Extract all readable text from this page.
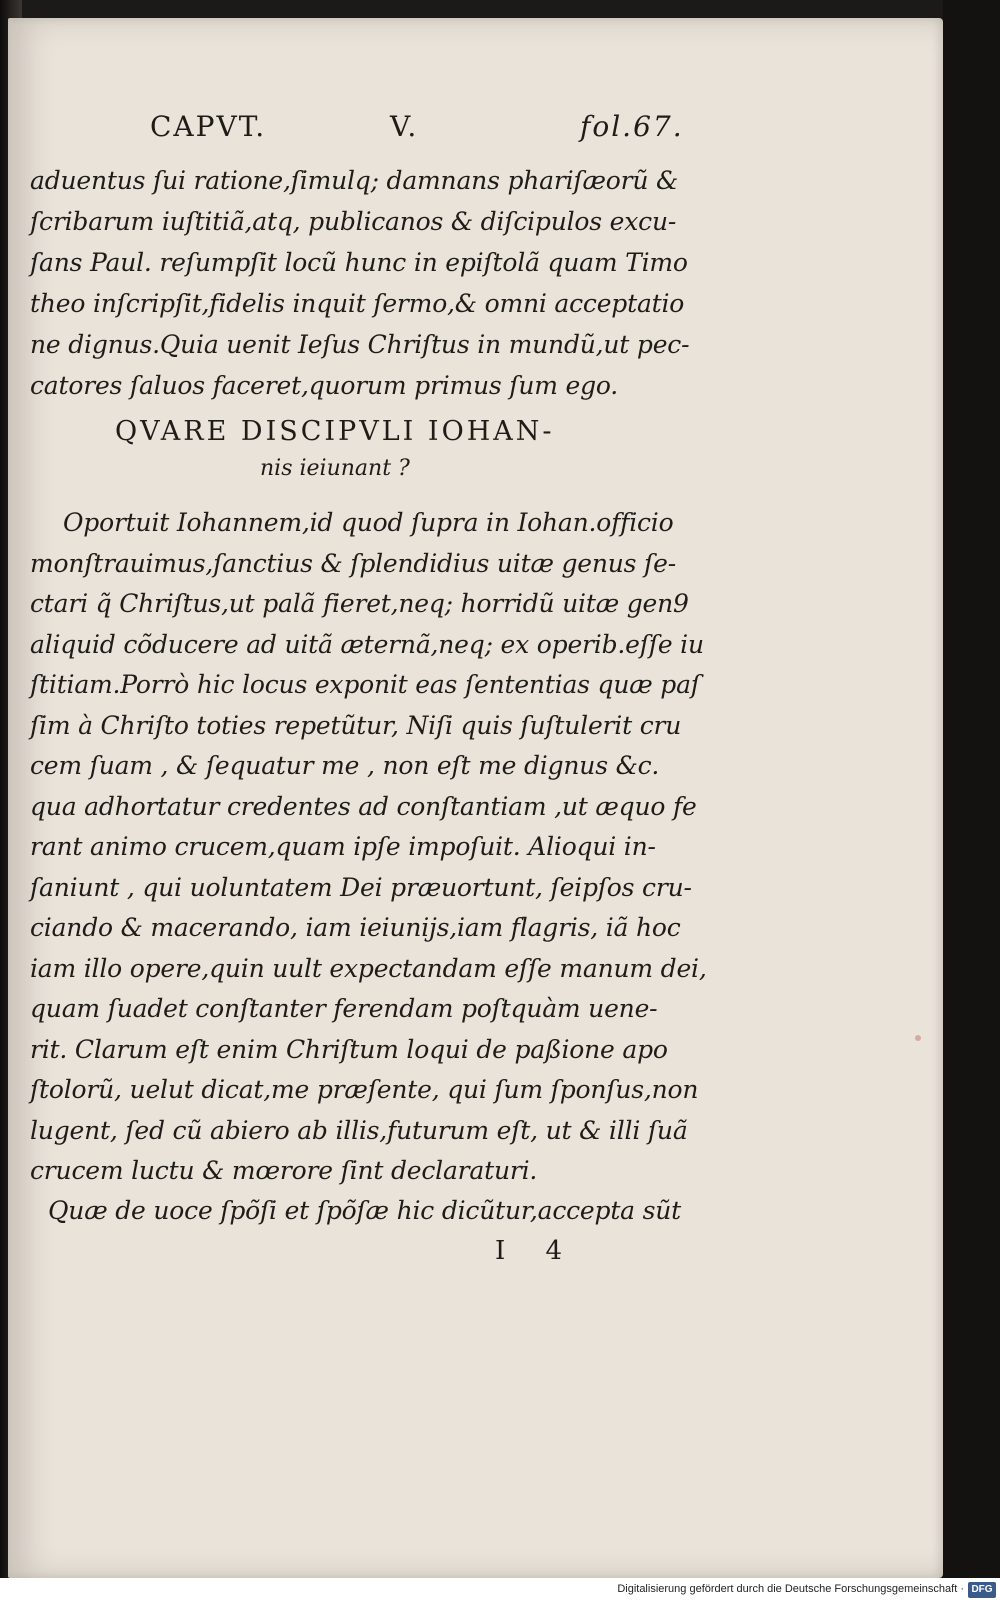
CAPVT.	V.	fol.67.
aduentus ſui ratione,ſimulq; damnans phariſæorũ &
ſcribarum iuſtitiã,atq, publicanos & diſcipulos excu-
ſans Paul. reſumpſit locũ hunc in epiſtolã quam Timo
theo inſcripſit,fidelis inquit ſermo,& omni acceptatio
ne dignus.Quia uenit Ieſus Chriſtus in mundũ,ut pec-
catores ſaluos faceret,quorum primus ſum ego.
QVARE DISCIPVLI IOHAN-
nis ieiunant ?
Oportuit Iohannem,id quod ſupra in Iohan.officio
monſtrauimus,ſanctius & ſplendidius uitæ genus ſe-
ctari q̃ Chriſtus,ut palã fieret,neq; horridũ uitæ gen9
aliquid cõducere ad uitã æternã,neq; ex operib.eſſe iu
ſtitiam.Porrò hic locus exponit eas ſententias quæ paſ
ſim à Chriſto toties repetũtur, Niſi quis ſuſtulerit cru
cem ſuam , & ſequatur me , non eſt me dignus &c.
qua adhortatur credentes ad conſtantiam ,ut æquo fe
rant animo crucem,quam ipſe impoſuit. Alioqui in-
ſaniunt , qui uoluntatem Dei præuortunt, ſeipſos cru-
ciando & macerando, iam ieiunijs,iam flagris, iã hoc
iam illo opere,quin uult expectandam eſſe manum dei,
quam ſuadet conſtanter ferendam poſtquàm uene-
rit. Clarum eſt enim Chriſtum loqui de paßione apo
ſtolorũ, uelut dicat,me præſente, qui ſum ſponſus,non
lugent, ſed cũ abiero ab illis,futurum eſt, ut & illi ſuã
crucem luctu & mœrore ſint declaraturi.
Quæ de uoce ſpõſi et ſpõſæ hic dicũtur,accepta sũt
I 4
Digitalisierung gefördert durch die Deutsche Forschungsgemeinschaft · DFG
